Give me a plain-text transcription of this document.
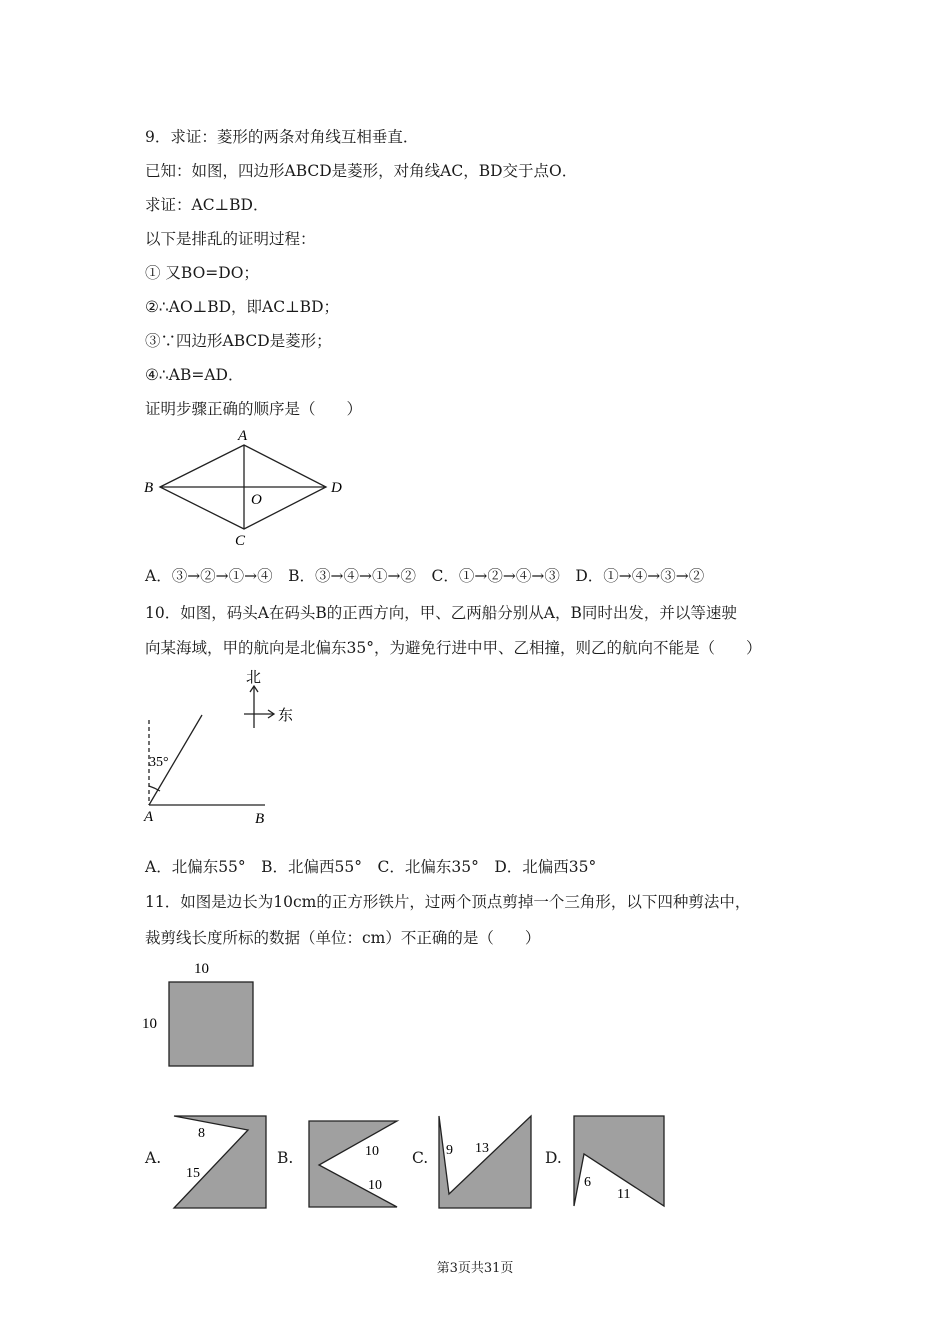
9．求证：菱形的两条对角线互相垂直．
已知：如图，四边形ABCD是菱形，对角线AC，BD交于点O．
求证：AC⊥BD．
以下是排乱的证明过程：
① 又BO=DO；
②∴AO⊥BD，即AC⊥BD；
③∵四边形ABCD是菱形；
④∴AB=AD．
证明步骤正确的顺序是（　　）
A
B
C
D
O
A．③→②→①→④　B．③→④→①→②　C．①→②→④→③　D．①→④→③→②
10．如图，码头A在码头B的正西方向，甲、乙两船分别从A，B同时出发，并以等速驶
向某海域，甲的航向是北偏东35°，为避免行进中甲、乙相撞，则乙的航向不能是（　　）
北
东
35°
A	B
A．北偏东55°　B．北偏西55°　C．北偏东35°　D．北偏西35°
11．如图是边长为10cm的正方形铁片，过两个顶点剪掉一个三角形，以下四种剪法中，
裁剪线长度所标的数据（单位：cm）不正确的是（　　）
10
10
A.
8
15
B.	10
10
C. 9 13
D.
6
11
第3页共31页
